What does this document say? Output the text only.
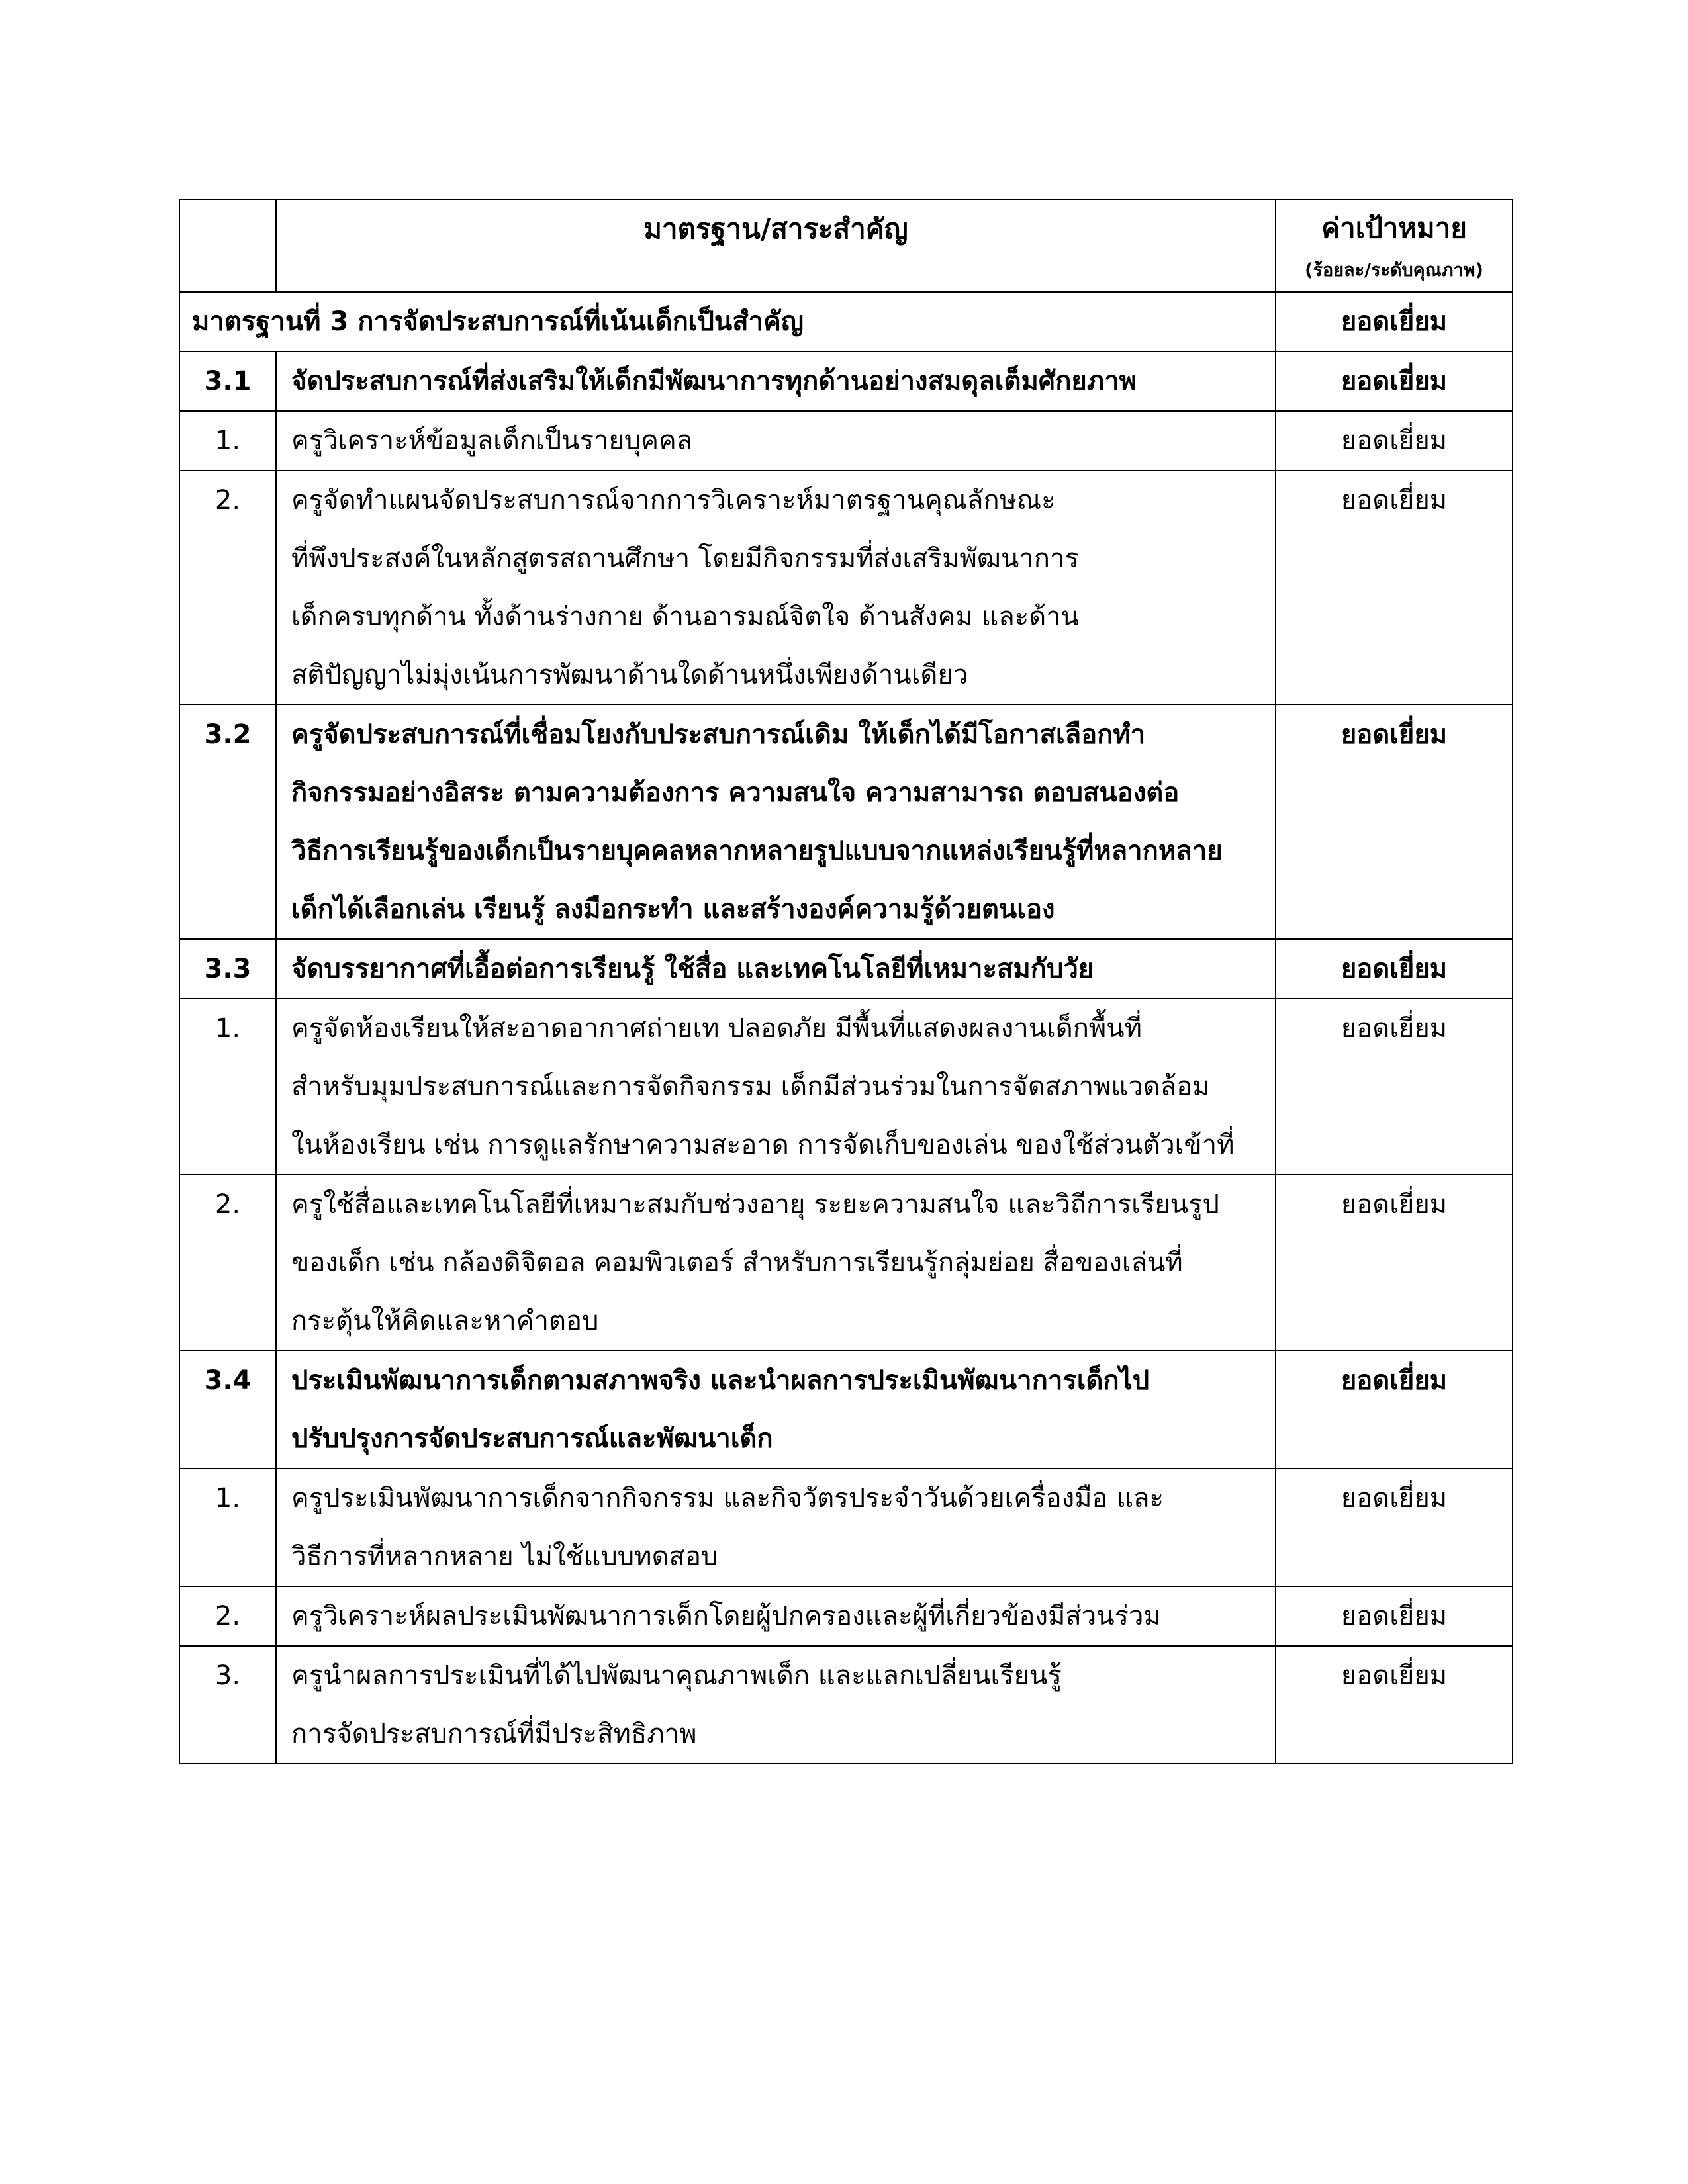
	มาตรฐาน/สาระสำคัญ	ค่าเป้าหมาย
(ร้อยละ/ระดับคุณภาพ)

มาตรฐานที่ 3 การจัดประสบการณ์ที่เน้นเด็กเป็นสำคัญ		ยอดเยี่ยม

3.1	จัดประสบการณ์ที่ส่งเสริมให้เด็กมีพัฒนาการทุกด้านอย่างสมดุลเต็มศักยภาพ	ยอดเยี่ยม

1.	ครูวิเคราะห์ข้อมูลเด็กเป็นรายบุคคล	ยอดเยี่ยม

2.	ครูจัดทำแผนจัดประสบการณ์จากการวิเคราะห์มาตรฐานคุณลักษณะ
ที่พึงประสงค์ในหลักสูตรสถานศึกษา โดยมีกิจกรรมที่ส่งเสริมพัฒนาการ
เด็กครบทุกด้าน ทั้งด้านร่างกาย ด้านอารมณ์จิตใจ ด้านสังคม และด้าน
สติปัญญาไม่มุ่งเน้นการพัฒนาด้านใดด้านหนึ่งเพียงด้านเดียว	ยอดเยี่ยม

3.2	ครูจัดประสบการณ์ที่เชื่อมโยงกับประสบการณ์เดิม ให้เด็กได้มีโอกาสเลือกทำ
กิจกรรมอย่างอิสระ ตามความต้องการ ความสนใจ ความสามารถ ตอบสนองต่อ
วิธีการเรียนรู้ของเด็กเป็นรายบุคคลหลากหลายรูปแบบจากแหล่งเรียนรู้ที่หลากหลาย
เด็กได้เลือกเล่น เรียนรู้ ลงมือกระทำ และสร้างองค์ความรู้ด้วยตนเอง	ยอดเยี่ยม

3.3	จัดบรรยากาศที่เอื้อต่อการเรียนรู้ ใช้สื่อ และเทคโนโลยีที่เหมาะสมกับวัย	ยอดเยี่ยม

1.	ครูจัดห้องเรียนให้สะอาดอากาศถ่ายเท ปลอดภัย มีพื้นที่แสดงผลงานเด็กพื้นที่
สำหรับมุมประสบการณ์และการจัดกิจกรรม เด็กมีส่วนร่วมในการจัดสภาพแวดล้อม
ในห้องเรียน เช่น การดูแลรักษาความสะอาด การจัดเก็บของเล่น ของใช้ส่วนตัวเข้าที่	ยอดเยี่ยม

2.	ครูใช้สื่อและเทคโนโลยีที่เหมาะสมกับช่วงอายุ ระยะความสนใจ และวิถีการเรียนรูป
ของเด็ก เช่น กล้องดิจิตอล คอมพิวเตอร์ สำหรับการเรียนรู้กลุ่มย่อย สื่อของเล่นที่
กระตุ้นให้คิดและหาคำตอบ	ยอดเยี่ยม

3.4	ประเมินพัฒนาการเด็กตามสภาพจริง และนำผลการประเมินพัฒนาการเด็กไป
ปรับปรุงการจัดประสบการณ์และพัฒนาเด็ก	ยอดเยี่ยม

1.	ครูประเมินพัฒนาการเด็กจากกิจกรรม และกิจวัตรประจำวันด้วยเครื่องมือ และ
วิธีการที่หลากหลาย ไม่ใช้แบบทดสอบ	ยอดเยี่ยม

2.	ครูวิเคราะห์ผลประเมินพัฒนาการเด็กโดยผู้ปกครองและผู้ที่เกี่ยวข้องมีส่วนร่วม	ยอดเยี่ยม

3.	ครูนำผลการประเมินที่ได้ไปพัฒนาคุณภาพเด็ก และแลกเปลี่ยนเรียนรู้
การจัดประสบการณ์ที่มีประสิทธิภาพ	ยอดเยี่ยม
